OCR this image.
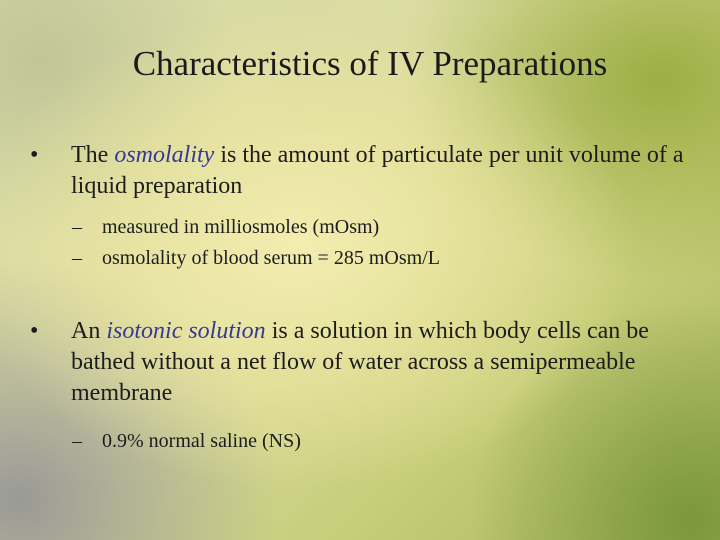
Characteristics of IV Preparations
• The osmolality is the amount of particulate per unit volume of a liquid preparation
– measured in milliosmoles (mOsm)
– osmolality of blood serum = 285 mOsm/L
• An isotonic solution is a solution in which body cells can be bathed without a net flow of water across a semipermeable membrane
– 0.9% normal saline (NS)
